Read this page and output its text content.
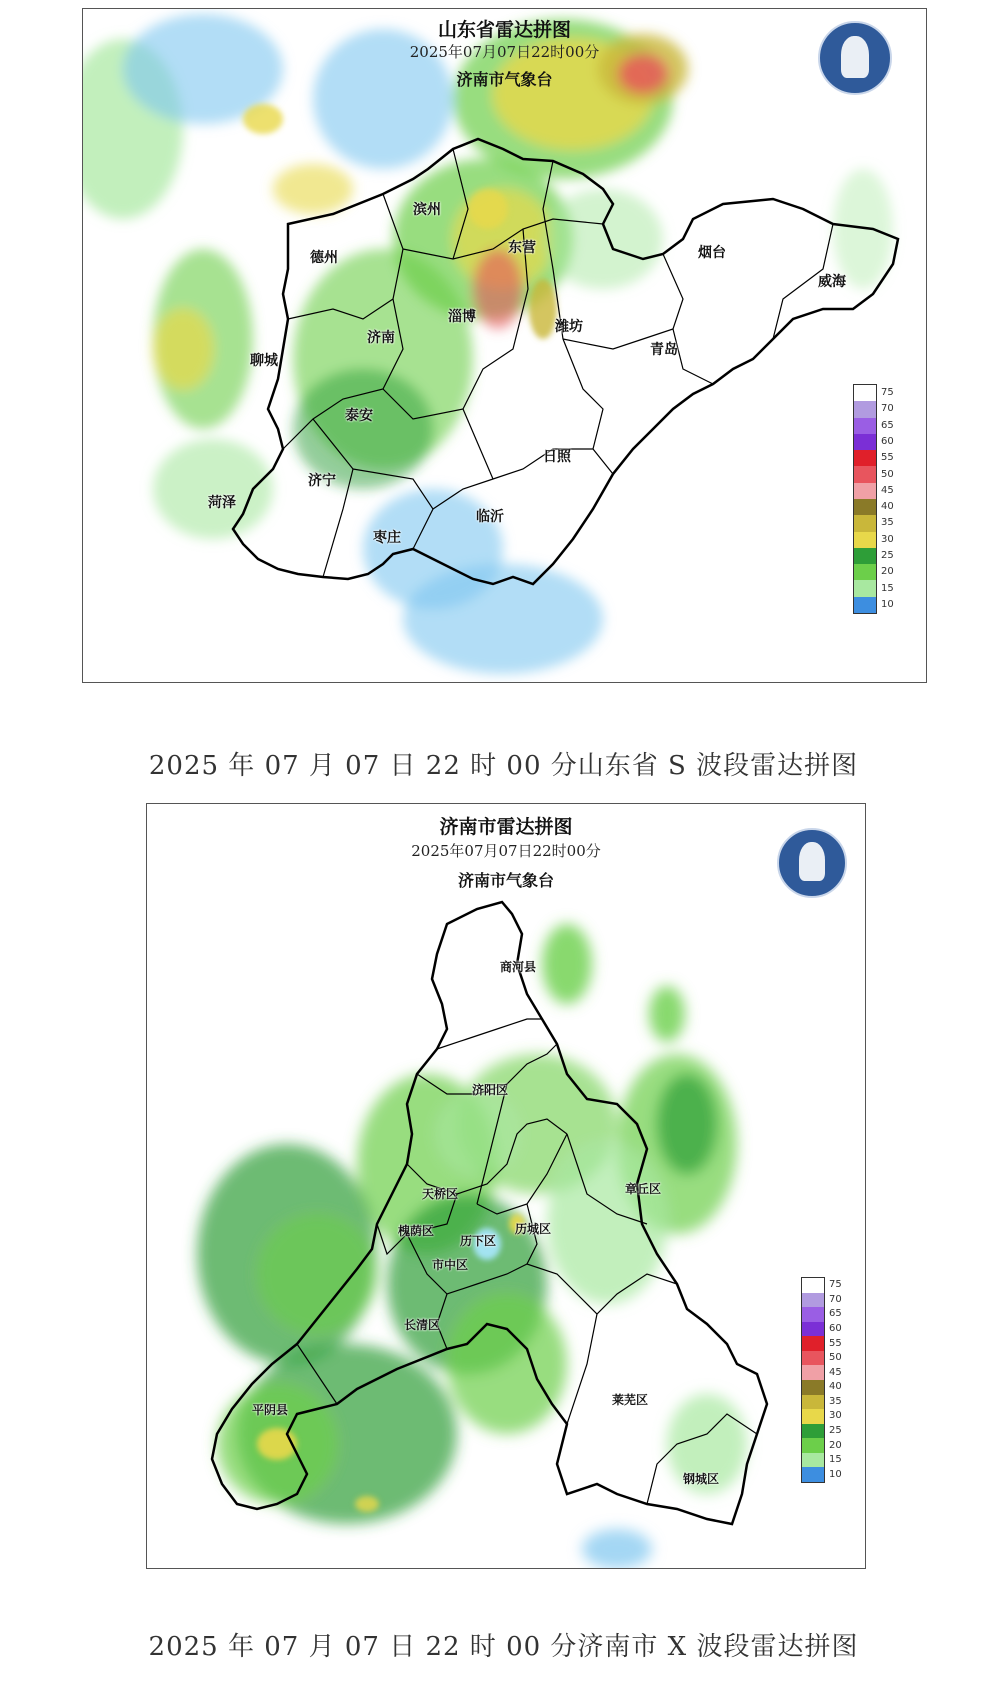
山东省雷达拼图
2025年07月07日22时00分
济南市气象台
滨州
德州
东营	烟台
威海
淄博
潍坊
济南
聊城
青岛
泰安
日照
济宁
菏泽
临沂
枣庄
75
70
65
60
55
50
45
40
35
30
25
20
15
10
2025 年 07 月 07 日 22 时 00 分山东省 S 波段雷达拼图
济南市雷达拼图
2025年07月07日22时00分
济南市气象台
商河县
济阳区
章丘区
天桥区
槐荫区
历下区
历城区
市中区
长清区
莱芜区
平阴县
钢城区
75
70
65
60
55
50
45
40
35
30
25
20
15
10
2025 年 07 月 07 日 22 时 00 分济南市 X 波段雷达拼图
